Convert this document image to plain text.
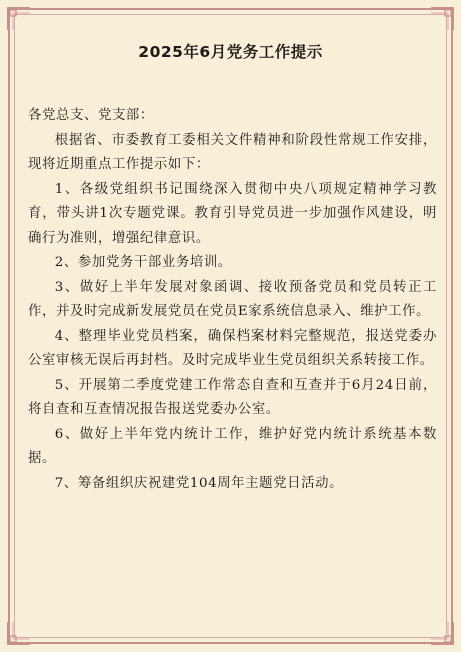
2025年6月党务工作提示

各党总支、党支部：

根据省、市委教育工委相关文件精神和阶段性常规工作安排，现将近期重点工作提示如下：

1、各级党组织书记围绕深入贯彻中央八项规定精神学习教育，带头讲1次专题党课。教育引导党员进一步加强作风建设，明确行为准则，增强纪律意识。

2、参加党务干部业务培训。

3、做好上半年发展对象函调、接收预备党员和党员转正工作，并及时完成新发展党员在党员E家系统信息录入、维护工作。

4、整理毕业党员档案，确保档案材料完整规范，报送党委办公室审核无误后再封档。及时完成毕业生党员组织关系转接工作。

5、开展第二季度党建工作常态自查和互查并于6月24日前，将自查和互查情况报告报送党委办公室。

6、做好上半年党内统计工作，维护好党内统计系统基本数据。

7、筹备组织庆祝建党104周年主题党日活动。
